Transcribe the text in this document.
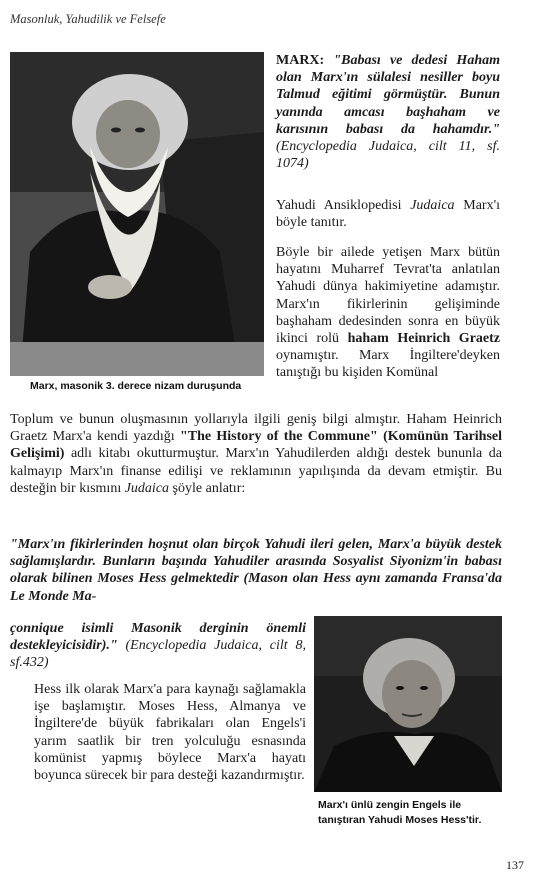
Masonluk, Yahudilik ve Felsefe
Marx, masonik 3. derece nizam duruşunda
MARX: "Babası ve dedesi Haham olan Marx'ın sülalesi nesiller boyu Talmud eğitimi görmüştür. Bunun yanında amcası başhaham ve karısının babası da hahamdır." (Encyclopedia Judaica, cilt 11, sf. 1074)
Yahudi Ansiklopedisi Judaica Marx'ı böyle tanıtır.
Böyle bir ailede yetişen Marx bütün hayatını Muharref Tevrat'ta anlatılan Yahudi dünya hakimiyetine adamıştır. Marx'ın fikirlerinin gelişiminde başhaham dedesinden sonra en büyük ikinci rolü haham Heinrich Graetz oynamıştır. Marx İngiltere'deyken tanıştığı bu kişiden Komünal
Toplum ve bunun oluşmasının yollarıyla ilgili geniş bilgi almıştır. Haham Heinrich Graetz Marx'a kendi yazdığı "The History of the Commune" (Komünün Tarihsel Gelişimi) adlı kitabı okutturmuştur. Marx'ın Yahudilerden aldığı destek bununla da kalmayıp Marx'ın finanse edilişi ve reklamının yapılışında da devam etmiştir. Bu desteğin bir kısmını Judaica şöyle anlatır:
"Marx'ın fikirlerinden hoşnut olan birçok Yahudi ileri gelen, Marx'a büyük destek sağlamışlardır. Bunların başında Yahudiler arasında Sosyalist Siyonizm'in babası olarak bilinen Moses Hess gelmektedir (Mason olan Hess aynı zamanda Fransa'da Le Monde Ma-
çonnique isimli Masonik derginin önemli destekleyicisidir)." (Encyclopedia Judaica, cilt 8, sf.432)
Marx'ı ünlü zengin Engels ile tanıştıran Yahudi Moses Hess'tir.
Hess ilk olarak Marx'a para kaynağı sağlamakla işe başlamıştır. Moses Hess, Almanya ve İngiltere'de büyük fabrikaları olan Engels'i yarım saatlik bir tren yolculuğu esnasında komünist yapmış böylece Marx'a hayatı boyunca sürecek bir para desteği kazandırmıştır.
137
